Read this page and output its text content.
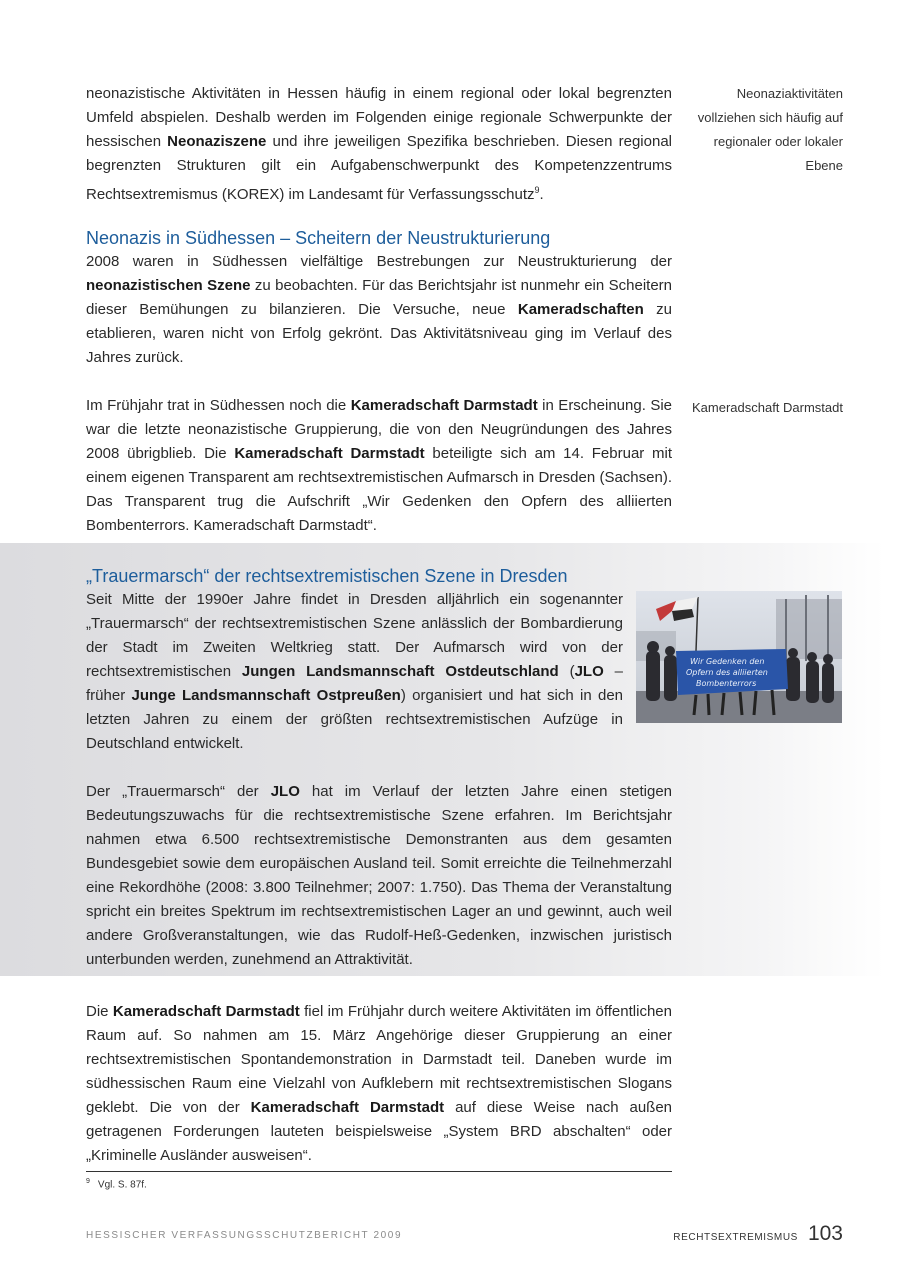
neonazistische Aktivitäten in Hessen häufig in einem regional oder lokal begrenzten Umfeld abspielen. Deshalb werden im Folgenden einige regionale Schwerpunkte der hessischen Neonaziszene und ihre jeweiligen Spezifika beschrieben. Diesen regional begrenzten Strukturen gilt ein Aufgabenschwerpunkt des Kompetenzzentrums Rechtsextremismus (KOREX) im Landesamt für Verfassungsschutz$^9$.

Neonaziaktivitäten vollziehen sich häufig auf regionaler oder lokaler Ebene
Neonazis in Südhessen – Scheitern der Neustrukturierung

2008 waren in Südhessen vielfältige Bestrebungen zur Neustrukturierung der neonazistischen Szene zu beobachten. Für das Berichtsjahr ist nunmehr ein Scheitern dieser Bemühungen zu bilanzieren. Die Versuche, neue Kameradschaften zu etablieren, waren nicht von Erfolg gekrönt. Das Aktivitätsniveau ging im Verlauf des Jahres zurück.

Im Frühjahr trat in Südhessen noch die Kameradschaft Darmstadt in Erscheinung. Sie war die letzte neonazistische Gruppierung, die von den Neugründungen des Jahres 2008 übrigblieb. Die Kameradschaft Darmstadt beteiligte sich am 14. Februar mit einem eigenen Transparent am rechtsextremistischen Aufmarsch in Dresden (Sachsen). Das Transparent trug die Aufschrift „Wir Gedenken den Opfern des alliierten Bombenterrors. Kameradschaft Darmstadt“.

Kameradschaft Darmstadt
„Trauermarsch“ der rechtsextremistischen Szene in Dresden

Seit Mitte der 1990er Jahre findet in Dresden alljährlich ein sogenannter „Trauermarsch“ der rechtsextremistischen Szene anlässlich der Bombardierung der Stadt im Zweiten Weltkrieg statt. Der Aufmarsch wird von der rechtsextremistischen Jungen Landsmannschaft Ostdeutschland (JLO – früher Junge Landsmannschaft Ostpreußen) organisiert und hat sich in den letzten Jahren zu einem der größten rechtsextremistischen Aufzüge in Deutschland entwickelt.

Der „Trauermarsch“ der JLO hat im Verlauf der letzten Jahre einen stetigen Bedeutungszuwachs für die rechtsextremistische Szene erfahren. Im Berichtsjahr nahmen etwa 6.500 rechtsextremistische Demonstranten aus dem gesamten Bundesgebiet sowie dem europäischen Ausland teil. Somit erreichte die Teilnehmerzahl eine Rekordhöhe (2008: 3.800 Teilnehmer; 2007: 1.750). Das Thema der Veranstaltung spricht ein breites Spektrum im rechtsextremistischen Lager an und gewinnt, auch weil andere Großveranstaltungen, wie das Rudolf-Heß-Gedenken, inzwischen juristisch unterbunden werden, zunehmend an Attraktivität.

Wir Gedenken den
Opfern des alliierten
Bombenterrors

Die Kameradschaft Darmstadt fiel im Frühjahr durch weitere Aktivitäten im öffentlichen Raum auf. So nahmen am 15. März Angehörige dieser Gruppierung an einer rechtsextremistischen Spontandemonstration in Darmstadt teil. Daneben wurde im südhessischen Raum eine Vielzahl von Aufklebern mit rechtsextremistischen Slogans geklebt. Die von der Kameradschaft Darmstadt auf diese Weise nach außen getragenen Forderungen lauteten beispielsweise „System BRD abschalten“ oder „Kriminelle Ausländer ausweisen“.

$^9$ Vgl. S. 87f.
HESSISCHER VERFASSUNGSSCHUTZBERICHT 2009	RECHTSEXTREMISMUS 103
